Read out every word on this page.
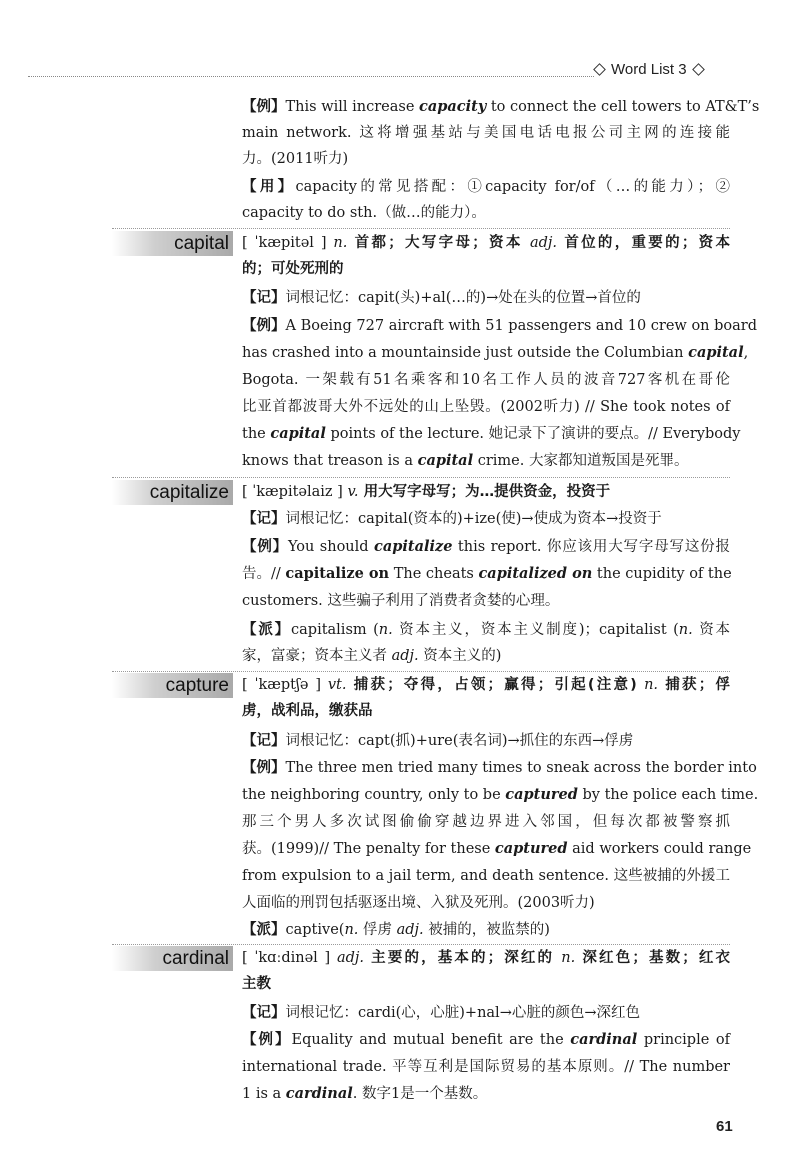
Word List 3
【例】This will increase capacity to connect the cell towers to AT&T’s
main network. 这将增强基站与美国电话电报公司主网的连接能
力。(2011听力)
【用】capacity的常见搭配：①capacity for/of（…的能力）；②
capacity to do sth.（做…的能力）。
capital [ ˈkæpitəl ] n. 首都；大写字母；资本 adj. 首位的，重要的；资本
的；可处死刑的
【记】词根记忆：capit(头)+al(…的)→处在头的位置→首位的
【例】A Boeing 727 aircraft with 51 passengers and 10 crew on board
has crashed into a mountainside just outside the Columbian capital,
Bogota. 一架载有51名乘客和10名工作人员的波音727客机在哥伦
比亚首都波哥大外不远处的山上坠毁。(2002听力) // She took notes of
the capital points of the lecture. 她记录下了演讲的要点。// Everybody
knows that treason is a capital crime. 大家都知道叛国是死罪。
capitalize [ ˈkæpitəlaiz ] v. 用大写字母写；为…提供资金，投资于
【记】词根记忆：capital(资本的)+ize(使)→使成为资本→投资于
【例】You should capitalize this report. 你应该用大写字母写这份报
告。// capitalize on The cheats capitalized on the cupidity of the
customers. 这些骗子利用了消费者贪婪的心理。
【派】capitalism (n. 资本主义，资本主义制度)；capitalist (n. 资本
家，富豪；资本主义者 adj. 资本主义的)
capture [ ˈkæptʃə ] vt. 捕获；夺得，占领；赢得；引起(注意) n. 捕获；俘
虏，战利品，缴获品
【记】词根记忆：capt(抓)+ure(表名词)→抓住的东西→俘虏
【例】The three men tried many times to sneak across the border into
the neighboring country, only to be captured by the police each time.
那三个男人多次试图偷偷穿越边界进入邻国，但每次都被警察抓
获。(1999)// The penalty for these captured aid workers could range
from expulsion to a jail term, and death sentence. 这些被捕的外援工
人面临的刑罚包括驱逐出境、入狱及死刑。(2003听力)
【派】captive(n. 俘虏 adj. 被捕的，被监禁的)
cardinal [ ˈkɑːdinəl ] adj. 主要的，基本的；深红的 n. 深红色；基数；红衣
主教
【记】词根记忆：cardi(心，心脏)+nal→心脏的颜色→深红色
【例】Equality and mutual benefit are the cardinal principle of
international trade. 平等互利是国际贸易的基本原则。// The number
1 is a cardinal. 数字1是一个基数。
61
